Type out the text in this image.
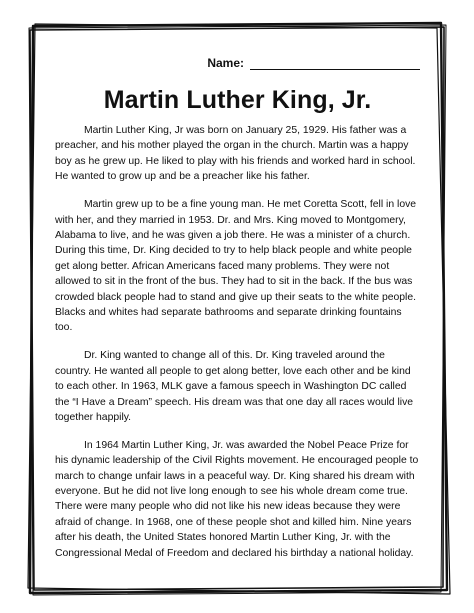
Name:
Martin Luther King, Jr.

Martin Luther King, Jr was born on January 25, 1929. His father was a preacher, and his mother played the organ in the church. Martin was a happy boy as he grew up. He liked to play with his friends and worked hard in school. He wanted to grow up and be a preacher like his father.

Martin grew up to be a fine young man. He met Coretta Scott, fell in love with her, and they married in 1953. Dr. and Mrs. King moved to Montgomery, Alabama to live, and he was given a job there. He was a minister of a church. During this time, Dr. King decided to try to help black people and white people get along better. African Americans faced many problems. They were not allowed to sit in the front of the bus. They had to sit in the back. If the bus was crowded black people had to stand and give up their seats to the white people. Blacks and whites had separate bathrooms and separate drinking fountains too.

Dr. King wanted to change all of this. Dr. King traveled around the country. He wanted all people to get along better, love each other and be kind to each other. In 1963, MLK gave a famous speech in Washington DC called the “I Have a Dream” speech. His dream was that one day all races would live together happily.

In 1964 Martin Luther King, Jr. was awarded the Nobel Peace Prize for his dynamic leadership of the Civil Rights movement. He encouraged people to march to change unfair laws in a peaceful way. Dr. King shared his dream with everyone. But he did not live long enough to see his whole dream come true. There were many people who did not like his new ideas because they were afraid of change. In 1968, one of these people shot and killed him. Nine years after his death, the United States honored Martin Luther King, Jr. with the Congressional Medal of Freedom and declared his birthday a national holiday.
